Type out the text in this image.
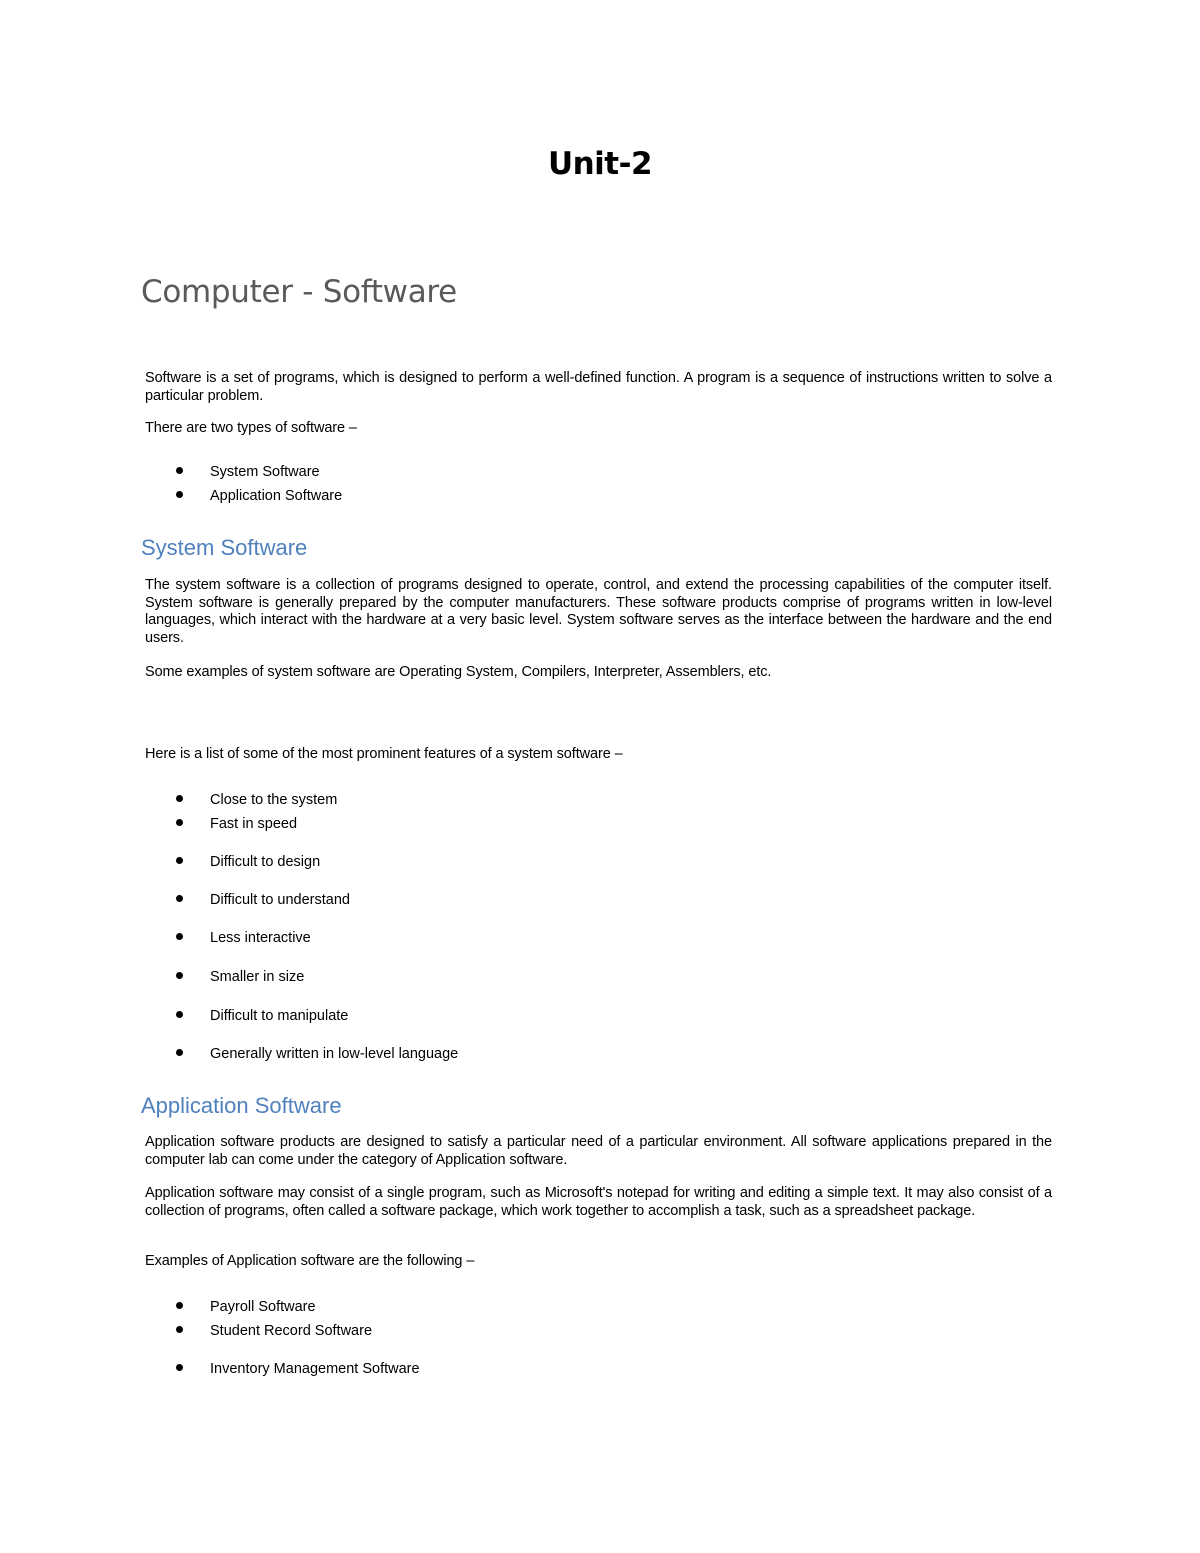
Unit-2
Computer - Software

Software is a set of programs, which is designed to perform a well-defined function. A program is a sequence of instructions written to solve a particular problem.

There are two types of software –

System Software
Application Software
System Software

The system software is a collection of programs designed to operate, control, and extend the processing capabilities of the computer itself. System software is generally prepared by the computer manufacturers. These software products comprise of programs written in low-level languages, which interact with the hardware at a very basic level. System software serves as the interface between the hardware and the end users.

Some examples of system software are Operating System, Compilers, Interpreter, Assemblers, etc.

Here is a list of some of the most prominent features of a system software –

Close to the system
Fast in speed
Difficult to design
Difficult to understand
Less interactive
Smaller in size
Difficult to manipulate
Generally written in low-level language
Application Software

Application software products are designed to satisfy a particular need of a particular environment. All software applications prepared in the computer lab can come under the category of Application software.

Application software may consist of a single program, such as Microsoft's notepad for writing and editing a simple text. It may also consist of a collection of programs, often called a software package, which work together to accomplish a task, such as a spreadsheet package.

Examples of Application software are the following –

Payroll Software
Student Record Software
Inventory Management Software
